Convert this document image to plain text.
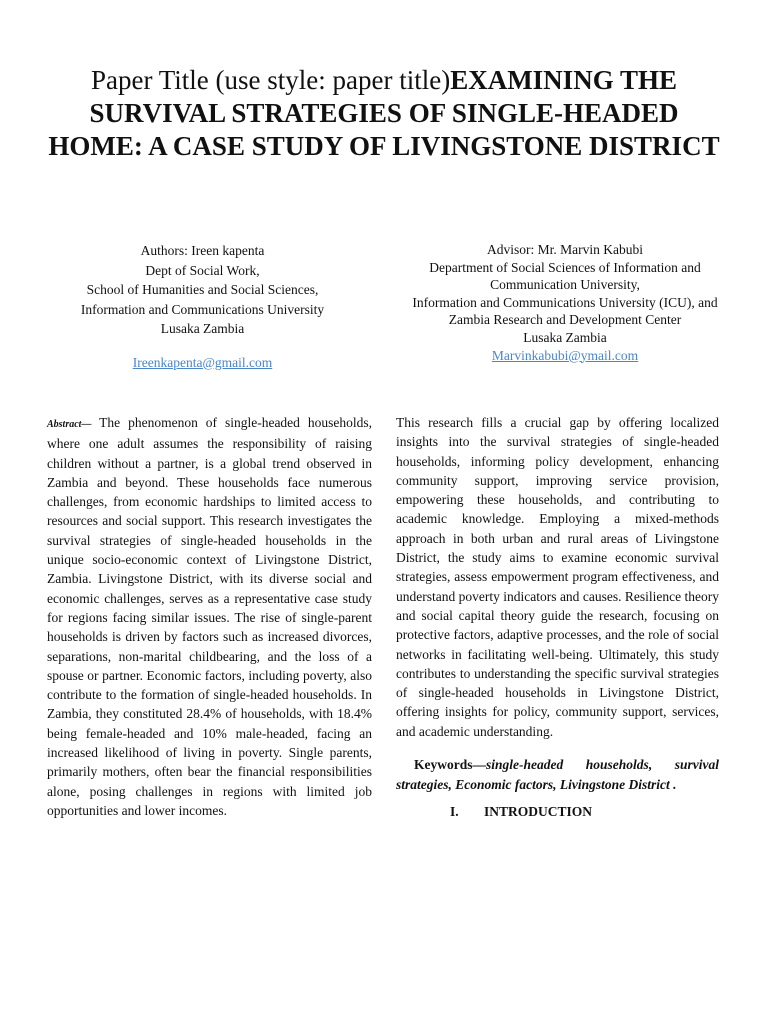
Paper Title (use style: paper title)EXAMINING THE SURVIVAL STRATEGIES OF SINGLE-HEADED HOME: A CASE STUDY OF LIVINGSTONE DISTRICT
Authors: Ireen kapenta
Dept of Social Work,
School of Humanities and Social Sciences,
Information and Communications University
Lusaka Zambia
Ireenkapenta@gmail.com
Advisor: Mr. Marvin Kabubi
Department of Social Sciences of Information and Communication University,
Information and Communications University (ICU), and Zambia Research and Development Center
Lusaka Zambia
Marvinkabubi@ymail.com
Abstract— The phenomenon of single-headed households, where one adult assumes the responsibility of raising children without a partner, is a global trend observed in Zambia and beyond. These households face numerous challenges, from economic hardships to limited access to resources and social support. This research investigates the survival strategies of single-headed households in the unique socio-economic context of Livingstone District, Zambia. Livingstone District, with its diverse social and economic challenges, serves as a representative case study for regions facing similar issues. The rise of single-parent households is driven by factors such as increased divorces, separations, non-marital childbearing, and the loss of a spouse or partner. Economic factors, including poverty, also contribute to the formation of single-headed households. In Zambia, they constituted 28.4% of households, with 18.4% being female-headed and 10% male-headed, facing an increased likelihood of living in poverty. Single parents, primarily mothers, often bear the financial responsibilities alone, posing challenges in regions with limited job opportunities and lower incomes.
This research fills a crucial gap by offering localized insights into the survival strategies of single-headed households, informing policy development, enhancing community support, improving service provision, empowering these households, and contributing to academic knowledge. Employing a mixed-methods approach in both urban and rural areas of Livingstone District, the study aims to examine economic survival strategies, assess empowerment program effectiveness, and understand poverty indicators and causes. Resilience theory and social capital theory guide the research, focusing on protective factors, adaptive processes, and the role of social networks in facilitating well-being. Ultimately, this study contributes to understanding the specific survival strategies of single-headed households in Livingstone District, offering insights for policy, community support, services, and academic understanding.
Keywords—single-headed households, survival strategies, Economic factors, Livingstone District .
I. INTRODUCTION
